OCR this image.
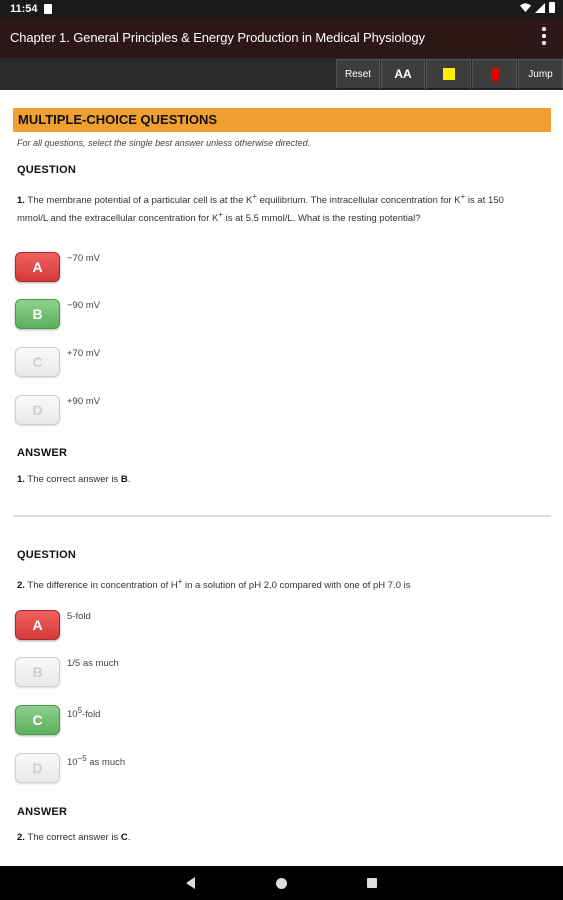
11:54
Chapter 1. General Principles & Energy Production in Medical Physiology
Reset	AA	Jump
MULTIPLE-CHOICE QUESTIONS
For all questions, select the single best answer unless otherwise directed.
QUESTION
1. The membrane potential of a particular cell is at the K+ equilibrium. The intracellular concentration for K+ is at 150 mmol/L and the extracellular concentration for K+ is at 5.5 mmol/L. What is the resting potential?
A
−70 mV
B
−90 mV
C
+70 mV
D
+90 mV
ANSWER
1. The correct answer is B.
QUESTION
2. The difference in concentration of H+ in a solution of pH 2.0 compared with one of pH 7.0 is
A
5-fold
B
1/5 as much
C	$10^5$-fold
D	$10^{-5}$ as much
ANSWER
2. The correct answer is C.
